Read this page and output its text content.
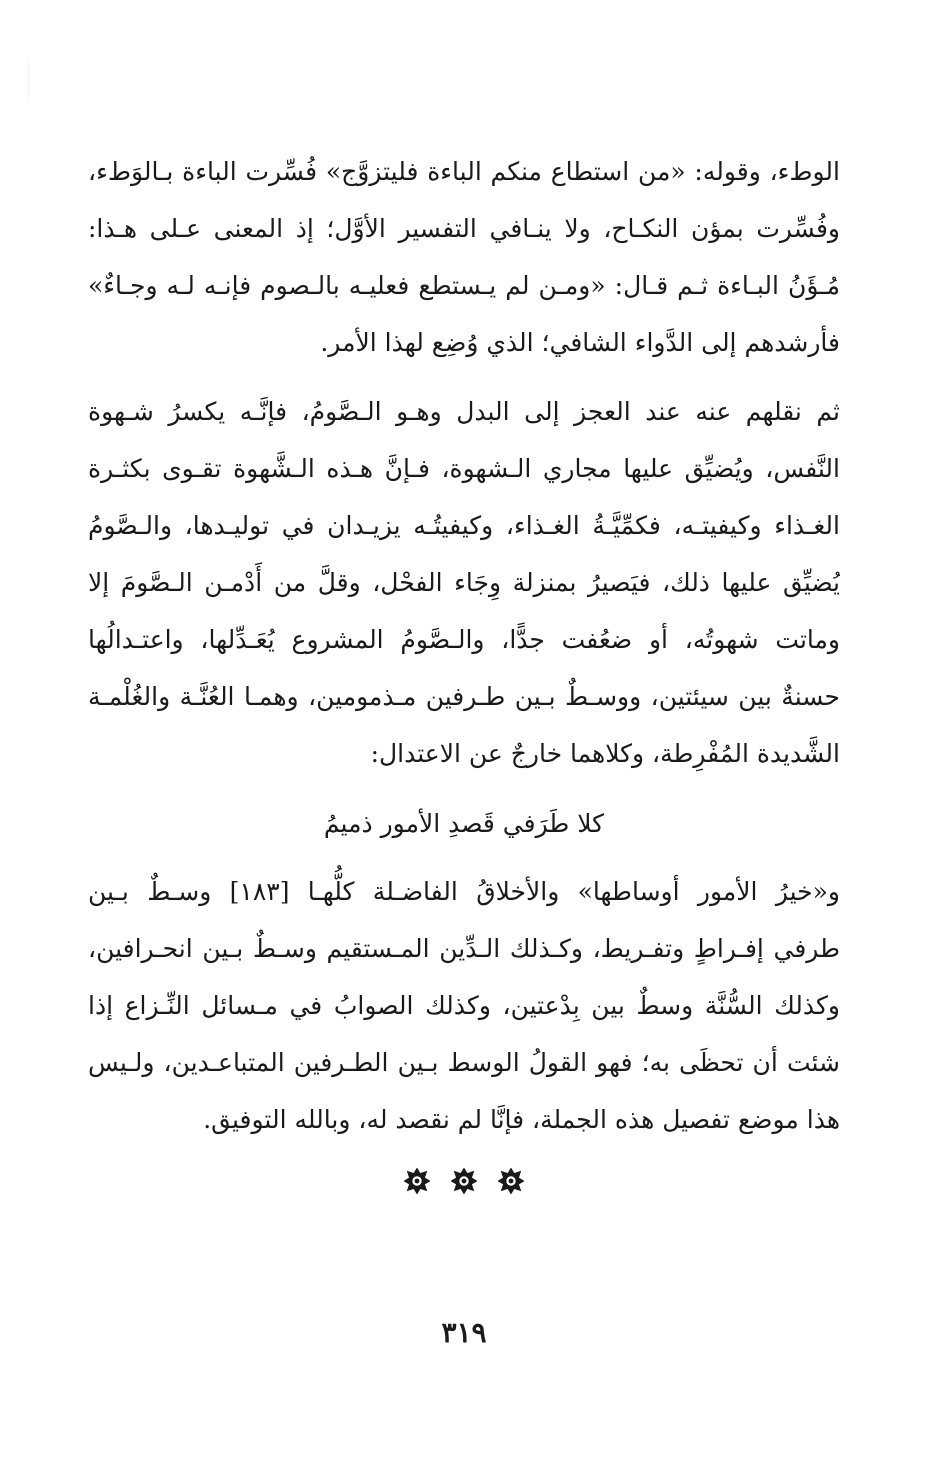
الوطء، وقوله: «من استطاع منكم الباءة فليتزوَّج» فُسِّرت الباءة بـالوَطء،
وفُسِّرت بمؤن النكـاح، ولا ينـافي التفسير الأوَّل؛ إذ المعنى عـلى هـذا:
مُـؤَنُ البـاءة ثـم قـال: «ومـن لم يـستطع فعليـه بالـصوم فإنـه لـه وجـاءٌ»
فأرشدهم إلى الدَّواء الشافي؛ الذي وُضِع لهذا الأمر.
ثم نقلهم عنه عند العجز إلى البدل وهـو الـصَّومُ، فإنَّـه يكسرُ شـهوة
النَّفس، ويُضيِّق عليها مجاري الـشهوة، فـإنَّ هـذه الـشَّهوة تقـوى بكثـرة
الغـذاء وكيفيتـه، فكمِّيَّـةُ الغـذاء، وكيفيتُـه يزيـدان في توليـدها، والـصَّومُ
يُضيِّق عليها ذلك، فيَصيرُ بمنزلة وِجَاء الفحْل، وقلَّ من أَدْمـن الـصَّومَ إلا
وماتت شهوتُه، أو ضعُفت جدًّا، والـصَّومُ المشروع يُعَـدِّلها، واعتـدالُها
حسنةٌ بين سيئتين، ووسـطٌ بـين طـرفين مـذمومين، وهمـا العُنَّـة والغُلْمـة
الشَّديدة المُفْرِطة، وكلاهما خارجٌ عن الاعتدال:
كلا طَرَفي قَصدِ الأمور ذميمُ
و«خيرُ الأمور أوساطها» والأخلاقُ الفاضـلة كلُّهـا [١٨٣] وسـطٌ بـين
طرفي إفـراطٍ وتفـريط، وكـذلك الـدِّين المـستقيم وسـطٌ بـين انحـرافين،
وكذلك السُّنَّة وسطٌ بين بِدْعتين، وكذلك الصوابُ في مـسائل النِّـزاع إذا
شئت أن تحظَى به؛ فهو القولُ الوسط بـين الطـرفين المتباعـدين، ولـيس
هذا موضع تفصيل هذه الجملة، فإنَّا لم نقصد له، وبالله التوفيق.

٣١٩
